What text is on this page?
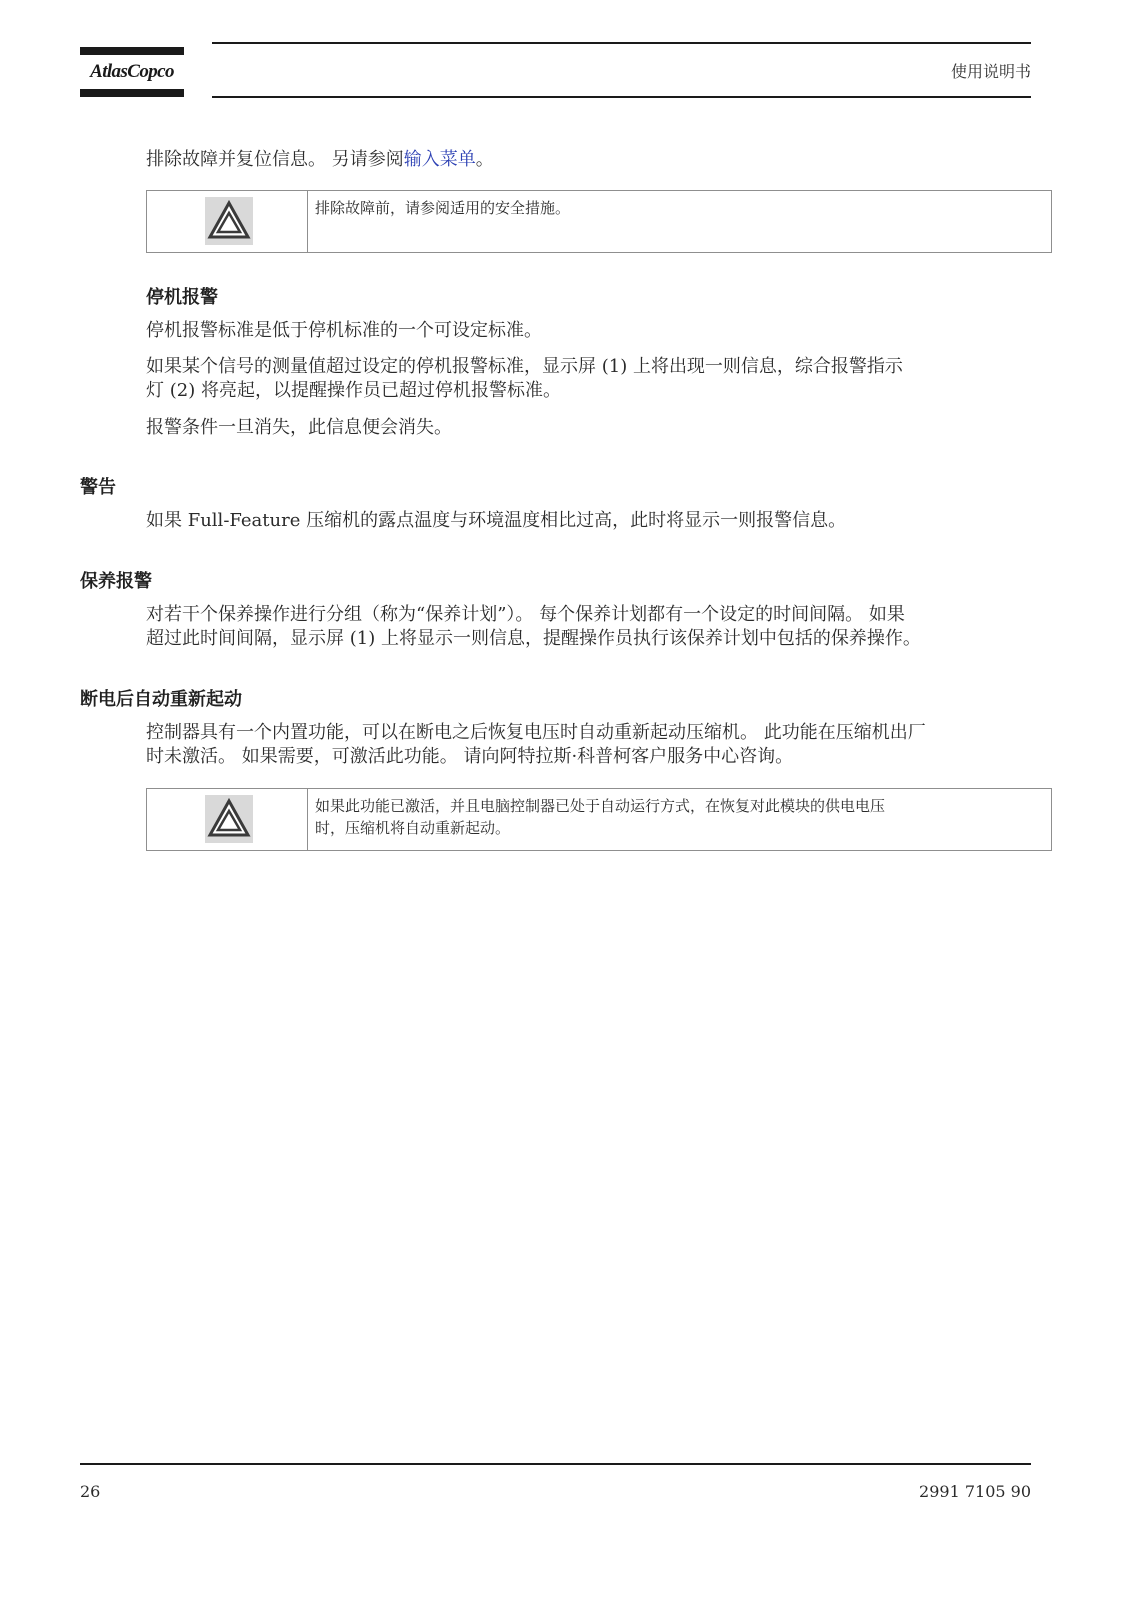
AtlasCopco	使用说明书
排除故障并复位信息。 另请参阅输入菜单。
排除故障前，请参阅适用的安全措施。
停机报警
停机报警标准是低于停机标准的一个可设定标准。
如果某个信号的测量值超过设定的停机报警标准，显示屏 (1) 上将出现一则信息，综合报警指示
灯 (2) 将亮起，以提醒操作员已超过停机报警标准。
报警条件一旦消失，此信息便会消失。
警告
如果 Full-Feature 压缩机的露点温度与环境温度相比过高，此时将显示一则报警信息。
保养报警
对若干个保养操作进行分组（称为“保养计划”）。 每个保养计划都有一个设定的时间间隔。 如果
超过此时间间隔，显示屏 (1) 上将显示一则信息，提醒操作员执行该保养计划中包括的保养操作。
断电后自动重新起动
控制器具有一个内置功能，可以在断电之后恢复电压时自动重新起动压缩机。 此功能在压缩机出厂
时未激活。 如果需要，可激活此功能。 请向阿特拉斯·科普柯客户服务中心咨询。
如果此功能已激活，并且电脑控制器已处于自动运行方式，在恢复对此模块的供电电压
时，压缩机将自动重新起动。
26	2991 7105 90
